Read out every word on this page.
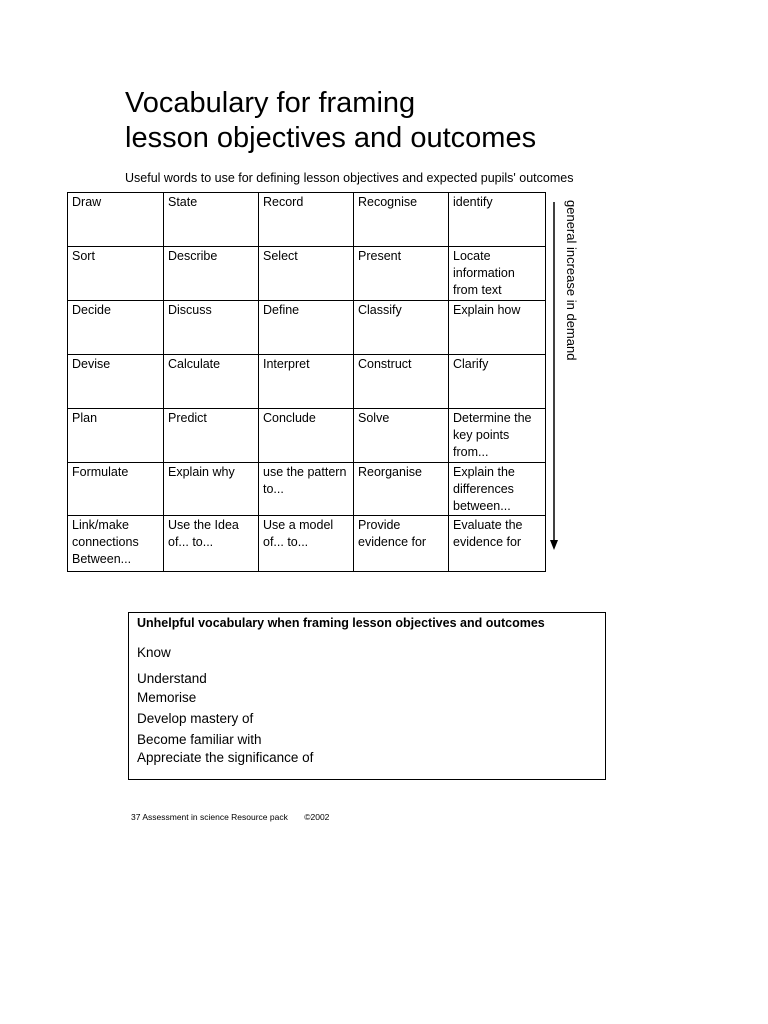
Vocabulary for framing
lesson objectives and outcomes
Useful words to use for defining lesson objectives and expected pupils' outcomes
Draw	State	Record	Recognise	identify
Sort	Describe	Select	Present	Locate information from text
Decide	Discuss	Define	Classify	Explain how
Devise	Calculate	Interpret	Construct	Clarify
Plan	Predict	Conclude	Solve	Determine the key points from...
Formulate	Explain why	use the pattern to...	Reorganise	Explain the differences between...
Link/make connections Between...	Use the Idea of... to...	Use a model of... to...	Provide evidence for	Evaluate the evidence for
general increase in demand
Unhelpful vocabulary when framing lesson objectives and outcomes
Know
Understand
Memorise
Develop mastery of
Become familiar with
Appreciate the significance of
37 Assessment in science Resource pack ©2002
